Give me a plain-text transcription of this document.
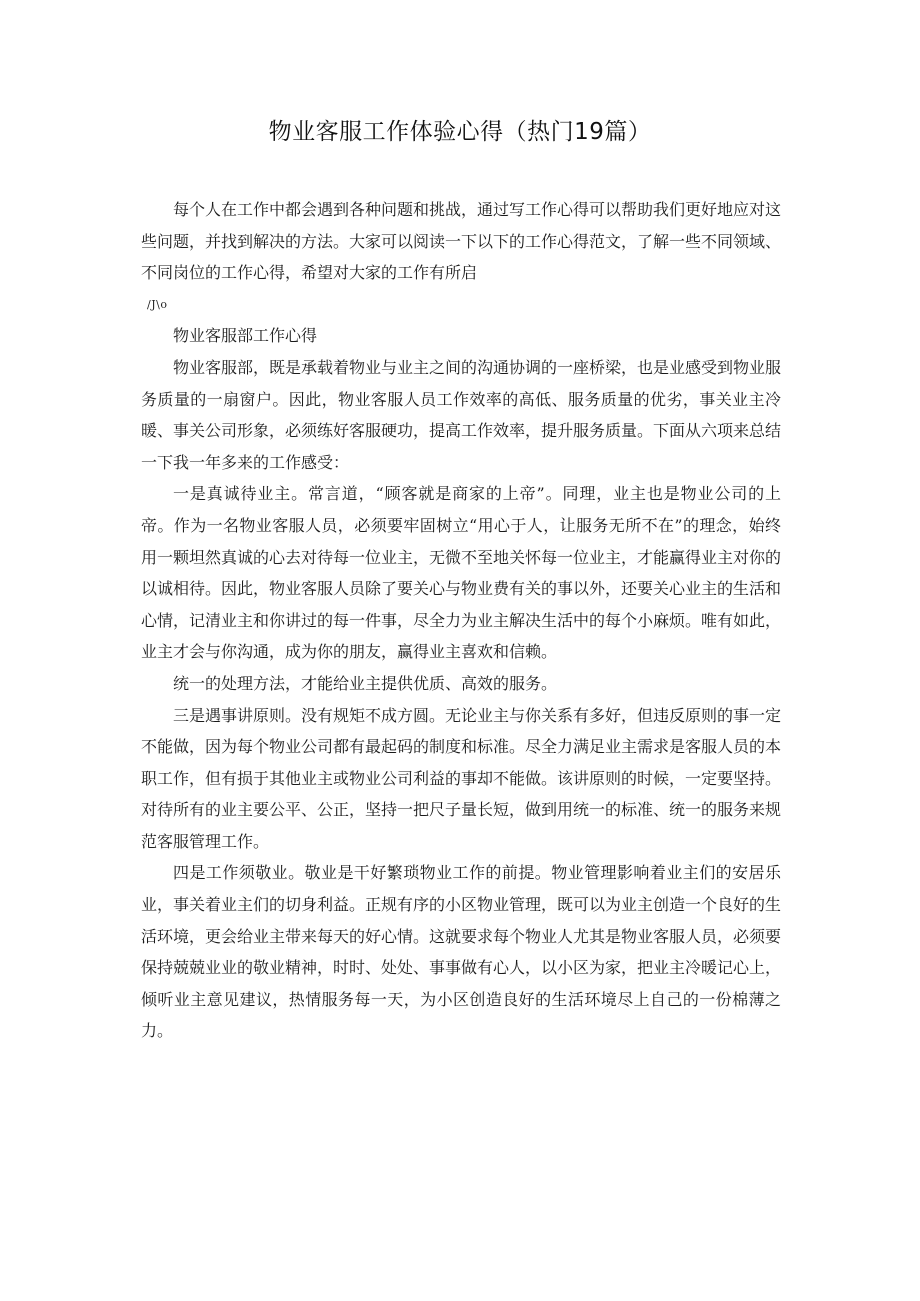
物业客服工作体验心得（热门19篇）

每个人在工作中都会遇到各种问题和挑战，通过写工作心得可以帮助我们更好地应对这些问题，并找到解决的方法。大家可以阅读一下以下的工作心得范文，了解一些不同领域、不同岗位的工作心得，希望对大家的工作有所启

/J\o

物业客服部工作心得

物业客服部，既是承载着物业与业主之间的沟通协调的一座桥梁，也是业感受到物业服务质量的一扇窗户。因此，物业客服人员工作效率的高低、服务质量的优劣，事关业主冷暖、事关公司形象，必须练好客服硬功，提高工作效率，提升服务质量。下面从六项来总结一下我一年多来的工作感受：

一是真诚待业主。常言道，“顾客就是商家的上帝”。同理，业主也是物业公司的上帝。作为一名物业客服人员，必须要牢固树立“用心于人，让服务无所不在”的理念，始终用一颗坦然真诚的心去对待每一位业主，无微不至地关怀每一位业主，才能赢得业主对你的以诚相待。因此，物业客服人员除了要关心与物业费有关的事以外，还要关心业主的生活和心情，记清业主和你讲过的每一件事，尽全力为业主解决生活中的每个小麻烦。唯有如此，业主才会与你沟通，成为你的朋友，赢得业主喜欢和信赖。

统一的处理方法，才能给业主提供优质、高效的服务。

三是遇事讲原则。没有规矩不成方圆。无论业主与你关系有多好，但违反原则的事一定不能做，因为每个物业公司都有最起码的制度和标准。尽全力满足业主需求是客服人员的本职工作，但有损于其他业主或物业公司利益的事却不能做。该讲原则的时候，一定要坚持。对待所有的业主要公平、公正，坚持一把尺子量长短，做到用统一的标准、统一的服务来规范客服管理工作。

四是工作须敬业。敬业是干好繁琐物业工作的前提。物业管理影响着业主们的安居乐业，事关着业主们的切身利益。正规有序的小区物业管理，既可以为业主创造一个良好的生活环境，更会给业主带来每天的好心情。这就要求每个物业人尤其是物业客服人员，必须要保持兢兢业业的敬业精神，时时、处处、事事做有心人，以小区为家，把业主冷暖记心上，倾听业主意见建议，热情服务每一天，为小区创造良好的生活环境尽上自己的一份棉薄之力。
